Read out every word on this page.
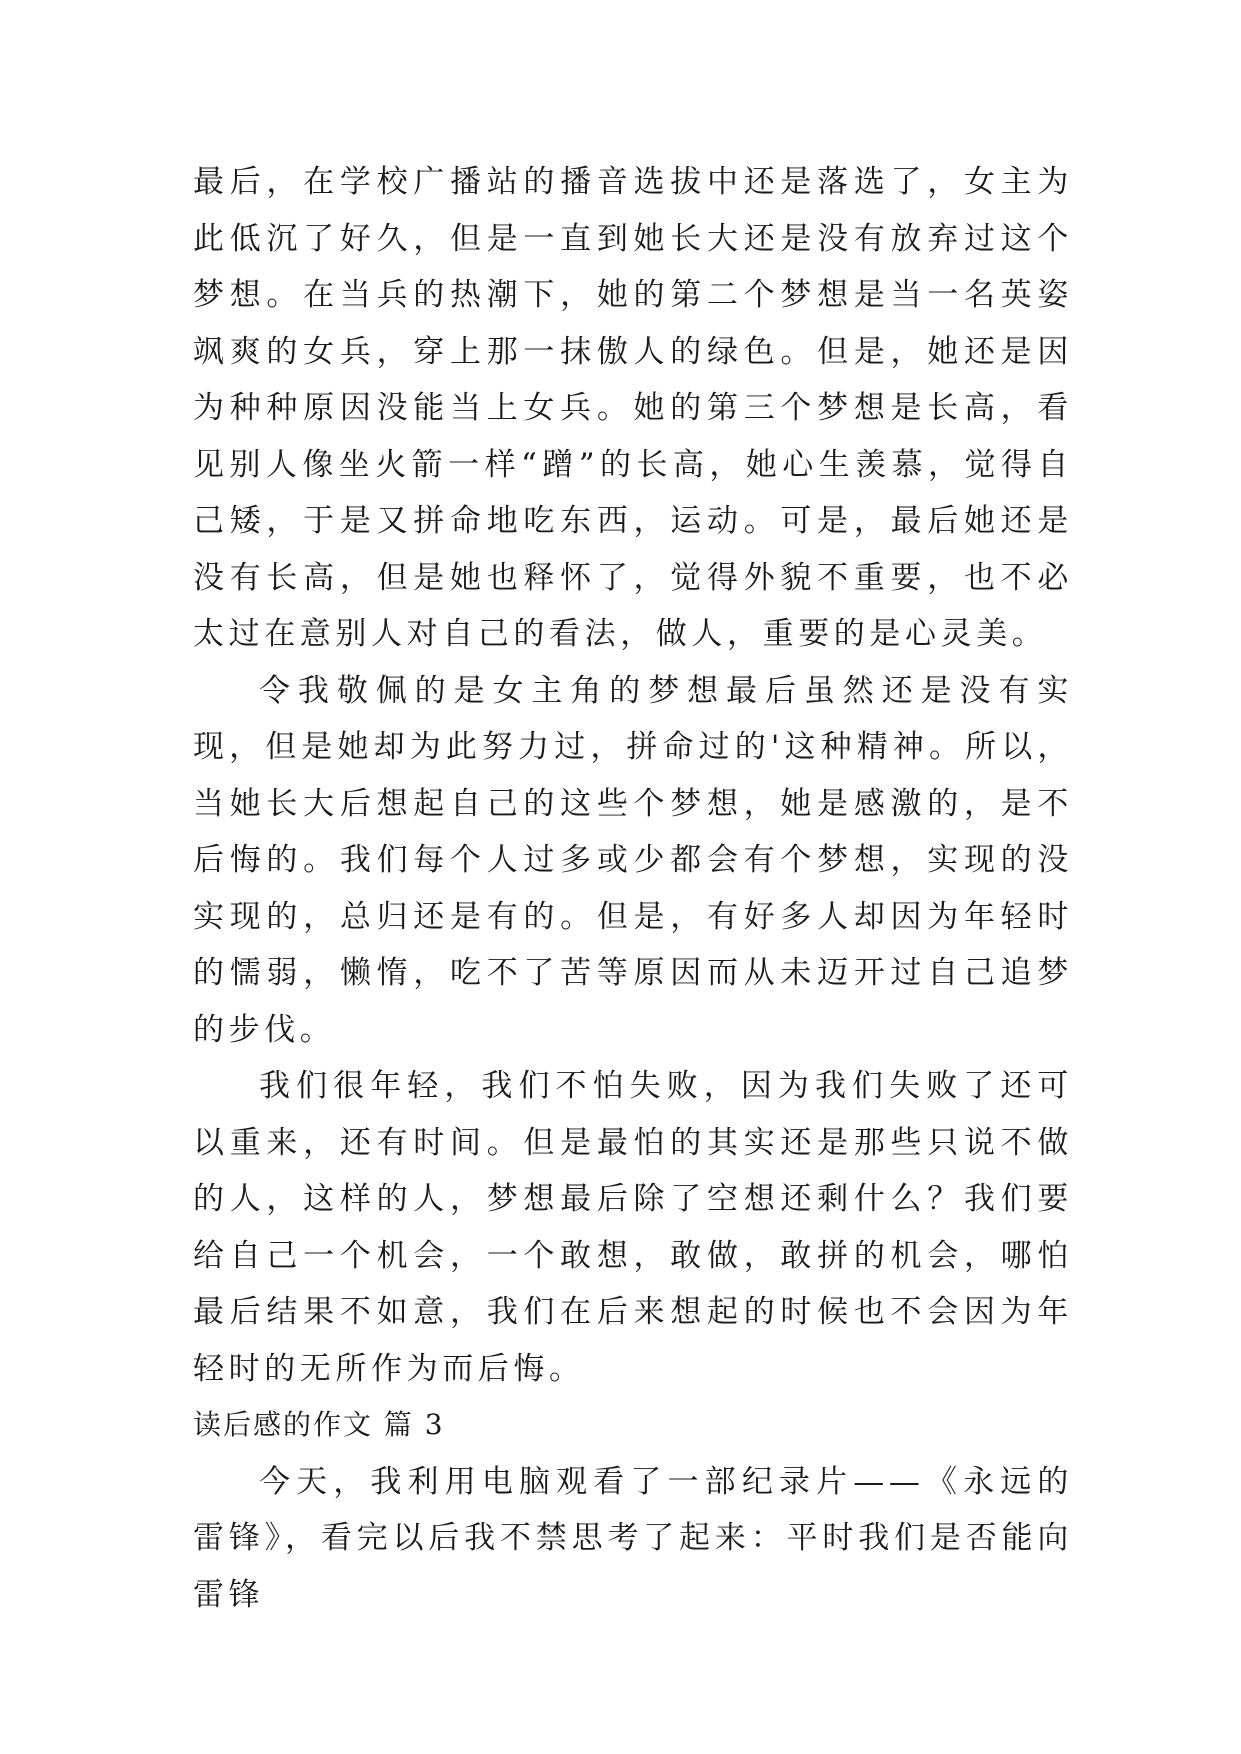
最后，在学校广播站的播音选拔中还是落选了，女主为此低沉了好久，但是一直到她长大还是没有放弃过这个梦想。在当兵的热潮下，她的第二个梦想是当一名英姿飒爽的女兵，穿上那一抹傲人的绿色。但是，她还是因为种种原因没能当上女兵。她的第三个梦想是长高，看见别人像坐火箭一样“蹭”的长高，她心生羡慕，觉得自己矮，于是又拼命地吃东西，运动。可是，最后她还是没有长高，但是她也释怀了，觉得外貌不重要，也不必太过在意别人对自己的看法，做人，重要的是心灵美。

令我敬佩的是女主角的梦想最后虽然还是没有实现，但是她却为此努力过，拼命过的'这种精神。所以，当她长大后想起自己的这些个梦想，她是感激的，是不后悔的。我们每个人过多或少都会有个梦想，实现的没实现的，总归还是有的。但是，有好多人却因为年轻时的懦弱，懒惰，吃不了苦等原因而从未迈开过自己追梦的步伐。

我们很年轻，我们不怕失败，因为我们失败了还可以重来，还有时间。但是最怕的其实还是那些只说不做的人，这样的人，梦想最后除了空想还剩什么？我们要给自己一个机会，一个敢想，敢做，敢拼的机会，哪怕最后结果不如意，我们在后来想起的时候也不会因为年轻时的无所作为而后悔。

读后感的作文 篇 3

今天，我利用电脑观看了一部纪录片——《永远的雷锋》，看完以后我不禁思考了起来：平时我们是否能向雷锋
